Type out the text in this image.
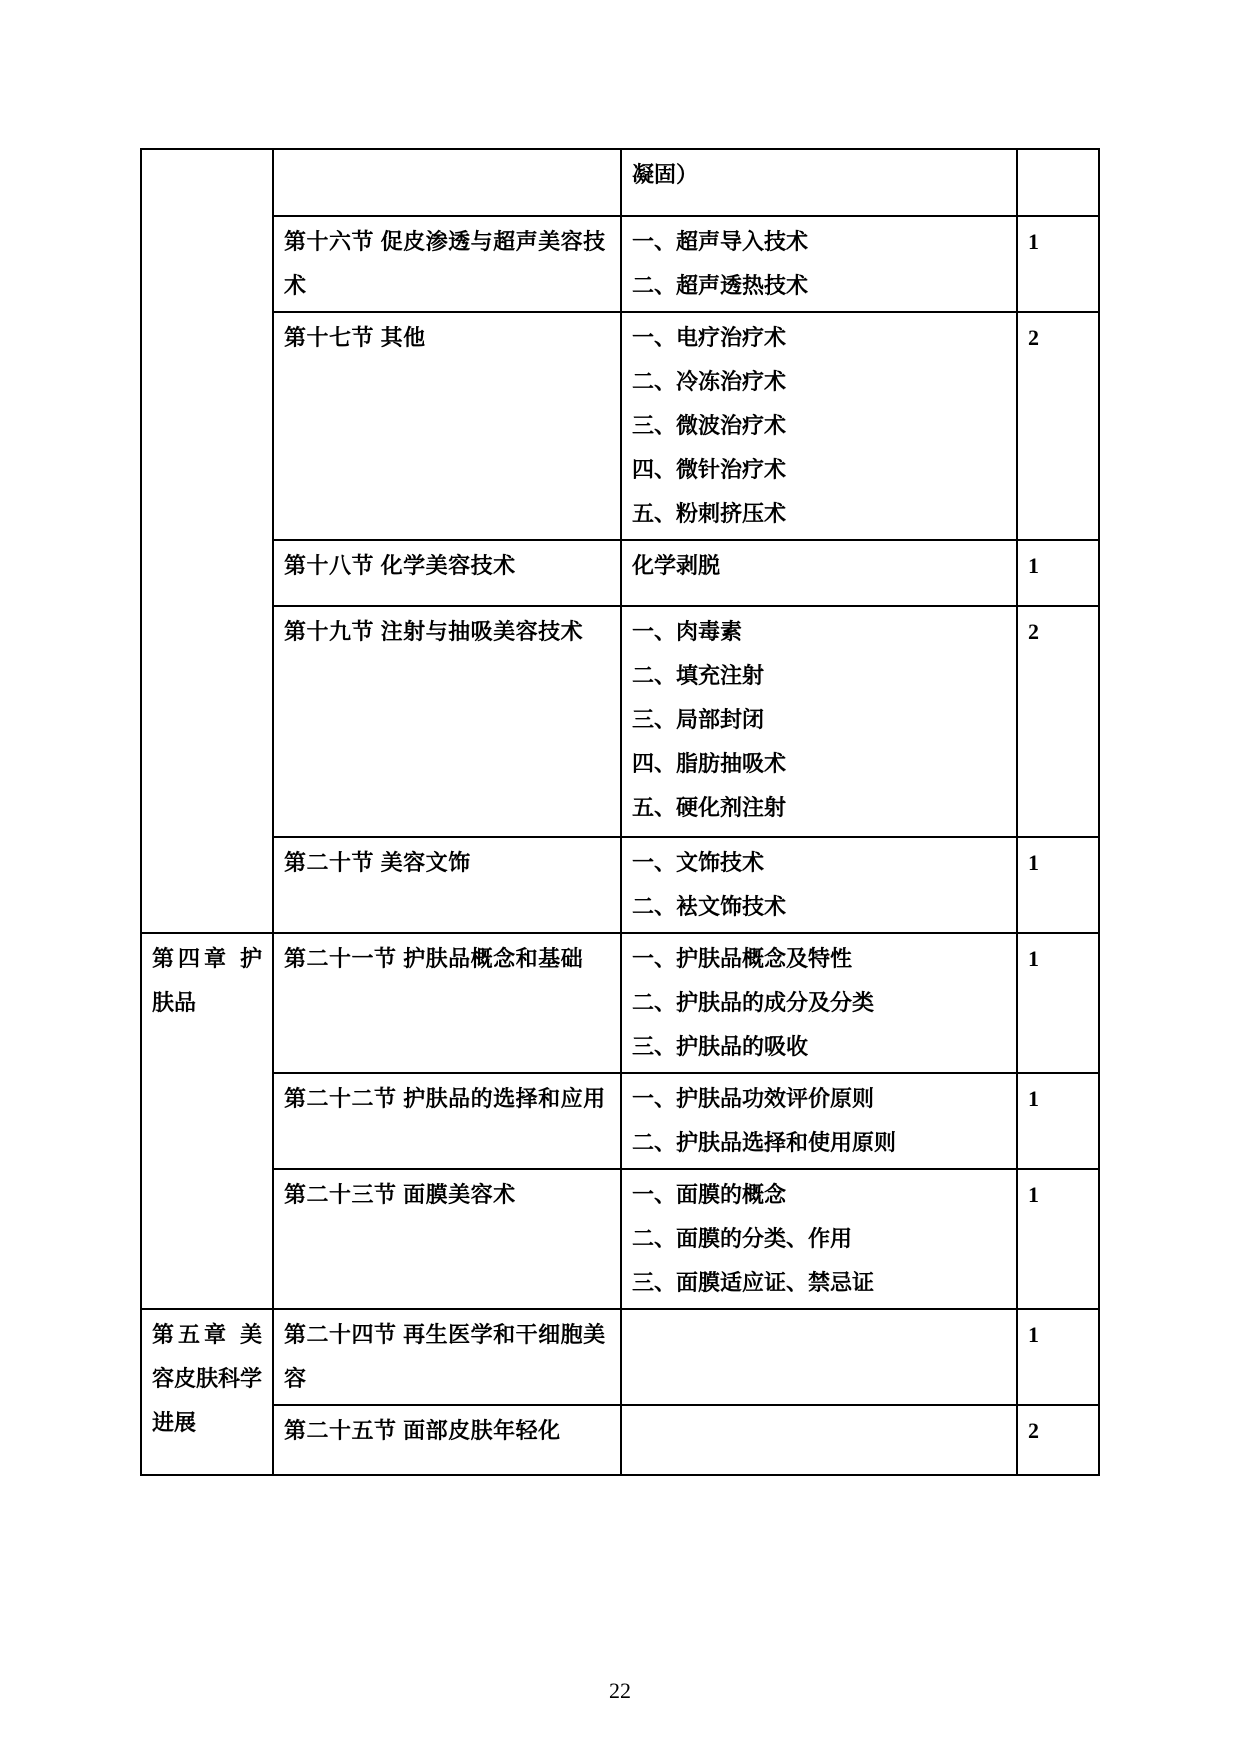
		凝固）	

	第十六节 促皮渗透与超声美容技术	一、超声导入技术
二、超声透热技术	1
	第十七节 其他	一、电疗治疗术
二、冷冻治疗术
三、微波治疗术
四、微针治疗术
五、粉刺挤压术	2
	第十八节 化学美容技术	化学剥脱	1
	第十九节 注射与抽吸美容技术	一、肉毒素
二、填充注射
三、局部封闭
四、脂肪抽吸术
五、硬化剂注射	2
	第二十节 美容文饰	一、文饰技术
二、袪文饰技术	1
第四章 护肤品	第二十一节 护肤品概念和基础	一、护肤品概念及特性
二、护肤品的成分及分类
三、护肤品的吸收	1
	第二十二节 护肤品的选择和应用	一、护肤品功效评价原则
二、护肤品选择和使用原则	1
	第二十三节 面膜美容术	一、面膜的概念
二、面膜的分类、作用
三、面膜适应证、禁忌证	1
第五章 美容皮肤科学进展	第二十四节 再生医学和干细胞美容		1
	第二十五节 面部皮肤年轻化		2
22
